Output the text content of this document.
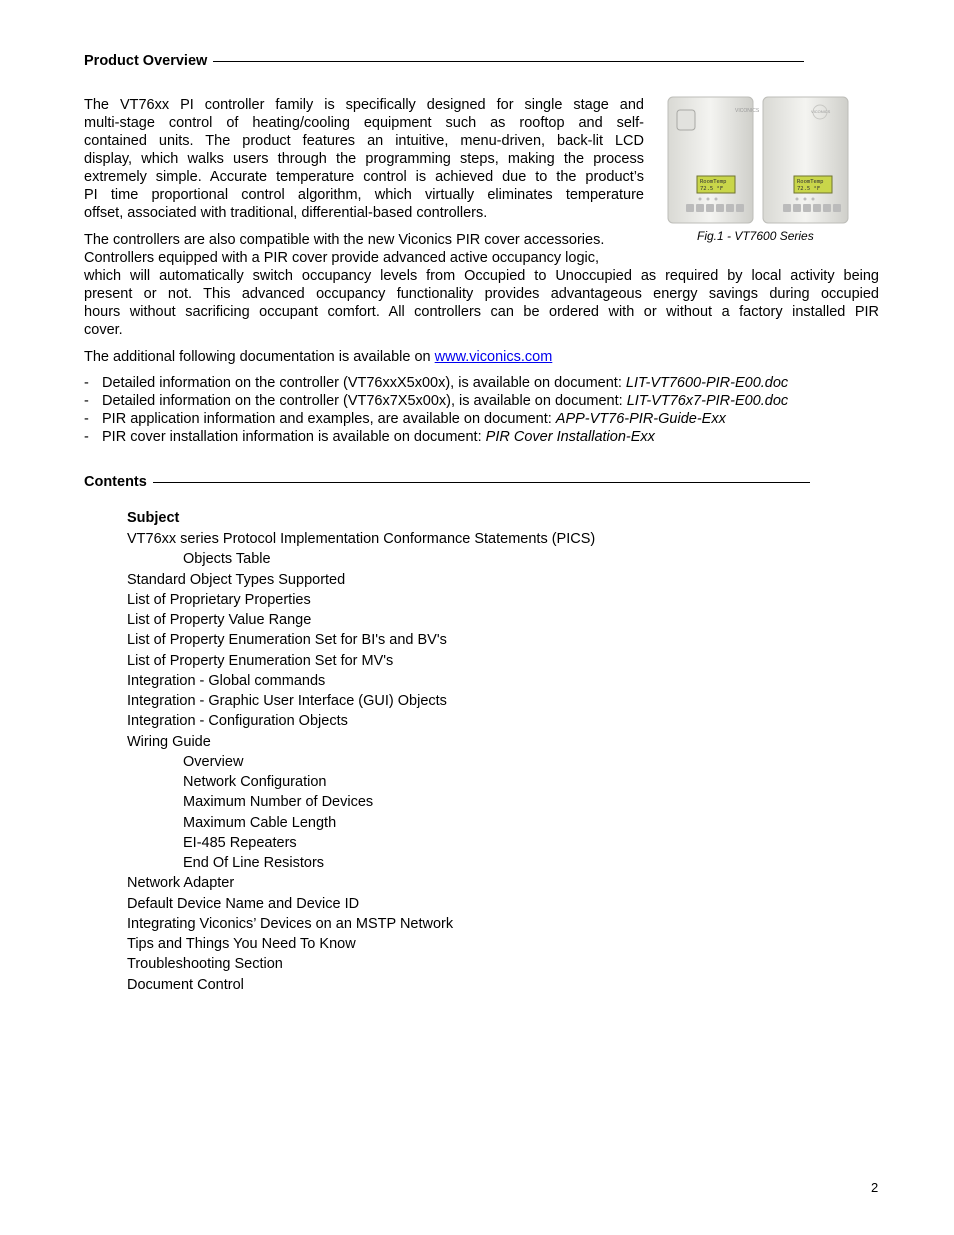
Product Overview
The VT76xx PI controller family is specifically designed for single stage and
multi-stage control of heating/cooling equipment such as rooftop and self-
contained units. The product features an intuitive, menu-driven, back-lit LCD
display, which walks users through the programming steps, making the process
extremely simple. Accurate temperature control is achieved due to the product’s
PI time proportional control algorithm, which virtually eliminates temperature
offset, associated with traditional, differential-based controllers.
The controllers are also compatible with the new Viconics PIR cover accessories.
Controllers equipped with a PIR cover provide advanced active occupancy logic,
which will automatically switch occupancy levels from Occupied to Unoccupied as required by local activity being
present or not. This advanced occupancy functionality provides advantageous energy savings during occupied
hours without sacrificing occupant comfort. All controllers can be ordered with or without a factory installed PIR
cover.
VICONICS
RoomTemp
72.5 °F
VICONICS
RoomTemp
72.5 °F
Fig.1 - VT7600 Series
The additional following documentation is available on www.viconics.com
- Detailed information on the controller (VT76xxX5x00x), is available on document: LIT-VT7600-PIR-E00.doc
- Detailed information on the controller (VT76x7X5x00x), is available on document: LIT-VT76x7-PIR-E00.doc
- PIR application information and examples, are available on document: APP-VT76-PIR-Guide-Exx
- PIR cover installation information is available on document: PIR Cover Installation-Exx
Contents
Subject
VT76xx series Protocol Implementation Conformance Statements (PICS)
Objects Table
Standard Object Types Supported
List of Proprietary Properties
List of Property Value Range
List of Property Enumeration Set for BI's and BV's
List of Property Enumeration Set for MV's
Integration - Global commands
Integration - Graphic User Interface (GUI) Objects
Integration - Configuration Objects
Wiring Guide
Overview
Network Configuration
Maximum Number of Devices
Maximum Cable Length
EI-485 Repeaters
End Of Line Resistors
Network Adapter
Default Device Name and Device ID
Integrating Viconics’ Devices on an MSTP Network
Tips and Things You Need To Know
Troubleshooting Section
Document Control
2
